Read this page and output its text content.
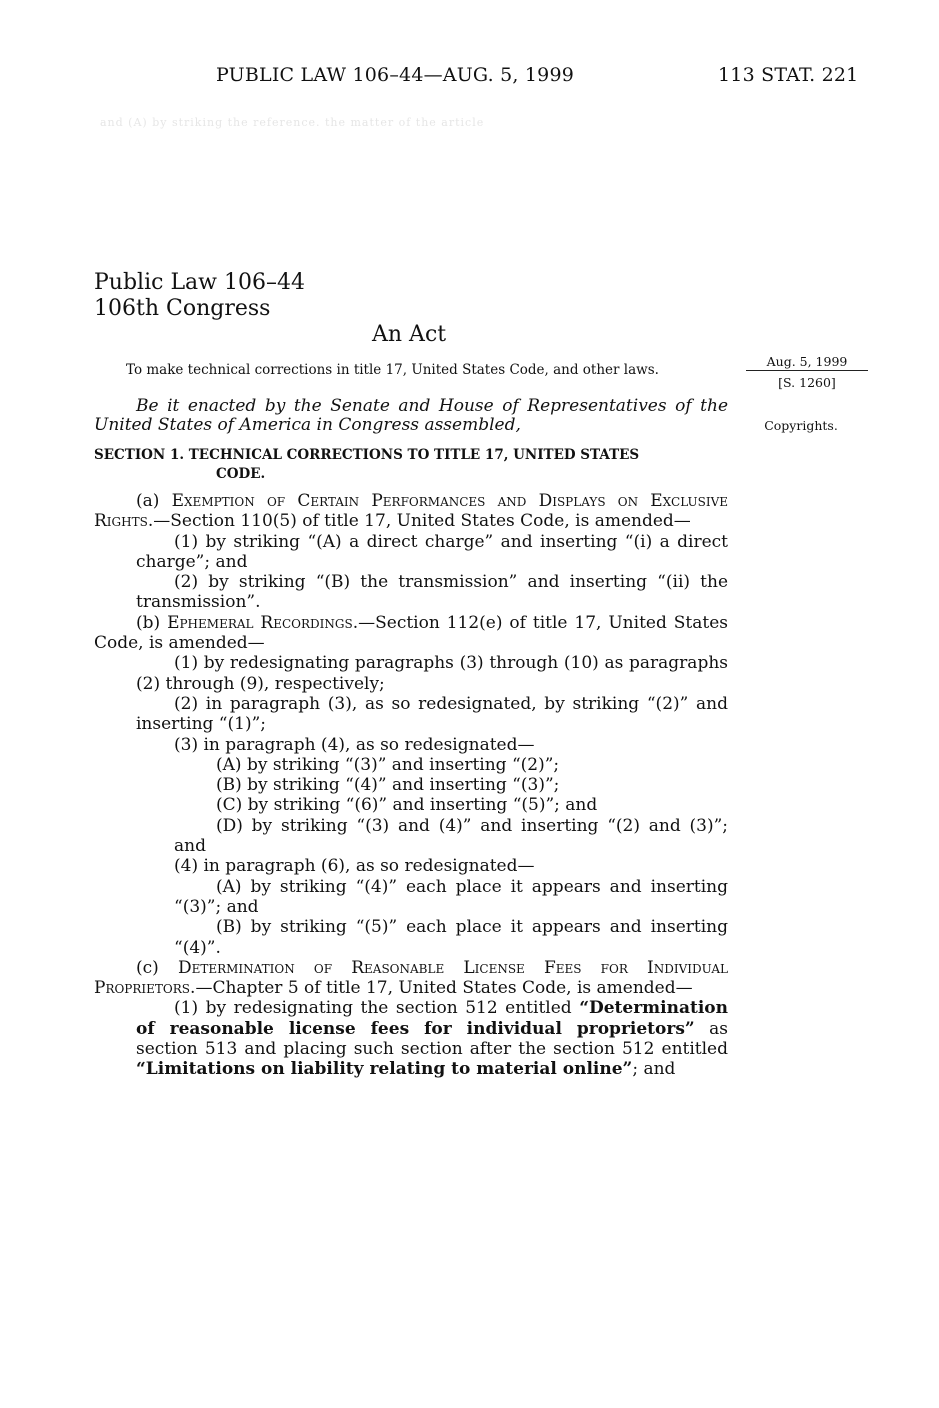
PUBLIC LAW 106–44—AUG. 5, 1999	113 STAT. 221
and (A) by striking the reference. the matter of the article
Public Law 106–44
106th Congress
An Act
To make technical corrections in title 17, United States Code, and other laws.
Aug. 5, 1999
[S. 1260]
Copyrights.

Be it enacted by the Senate and House of Representatives of the United States of America in Congress assembled,

SECTION 1. TECHNICAL CORRECTIONS TO TITLE 17, UNITED STATES
CODE.

(a) Exemption of Certain Performances and Displays on Exclusive Rights.—Section 110(5) of title 17, United States Code, is amended—

(1) by striking “(A) a direct charge” and inserting “(i) a direct charge”; and

(2) by striking “(B) the transmission” and inserting “(ii) the transmission”.

(b) Ephemeral Recordings.—Section 112(e) of title 17, United States Code, is amended—

(1) by redesignating paragraphs (3) through (10) as paragraphs (2) through (9), respectively;

(2) in paragraph (3), as so redesignated, by striking “(2)” and inserting “(1)”;

(3) in paragraph (4), as so redesignated—

(A) by striking “(3)” and inserting “(2)”;

(B) by striking “(4)” and inserting “(3)”;

(C) by striking “(6)” and inserting “(5)”; and

(D) by striking “(3) and (4)” and inserting “(2) and (3)”; and

(4) in paragraph (6), as so redesignated—

(A) by striking “(4)” each place it appears and inserting “(3)”; and

(B) by striking “(5)” each place it appears and inserting “(4)”.

(c) Determination of Reasonable License Fees for Individual Proprietors.—Chapter 5 of title 17, United States Code, is amended—

(1) by redesignating the section 512 entitled “Determination of reasonable license fees for individual proprietors” as section 513 and placing such section after the section 512 entitled “Limitations on liability relating to material online”; and
